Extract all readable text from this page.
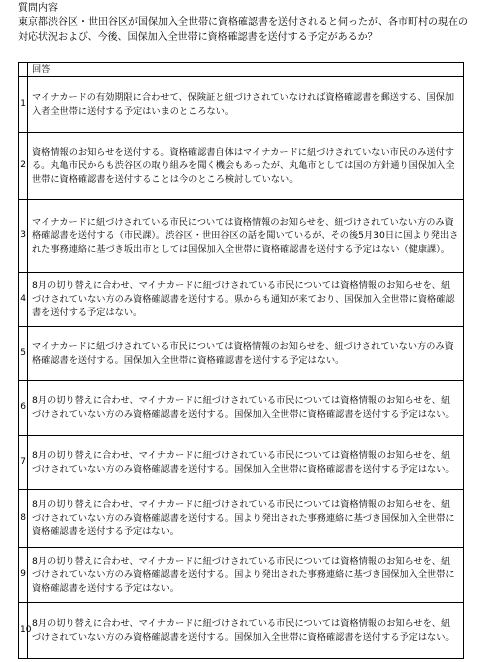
質問内容
東京都渋谷区・世田谷区が国保加入全世帯に資格確認書を送付されると伺ったが、各市町村の現在の対応状況および、今後、国保加入全世帯に資格確認書を送付する予定があるか？
	回答
1	マイナカードの有効期限に合わせて、保険証と紐づけされていなければ資格確認書を郵送する、国保加入者全世帯に送付する予定はいまのところない。
2	資格情報のお知らせを送付する。資格確認書自体はマイナカードに紐づけされていない市民のみ送付する。丸亀市民からも渋谷区の取り組みを聞く機会もあったが、丸亀市としては国の方針通り国保加入全世帯に資格確認書を送付することは今のところ検討していない。
3	マイナカードに紐づけされている市民については資格情報のお知らせを、紐づけされていない方のみ資格確認書を送付する（市民課）。渋谷区・世田谷区の話を聞いているが、その後5月30日に国より発出された事務連絡に基づき坂出市としては国保加入全世帯に資格確認書を送付する予定はない（健康課）。
4	8月の切り替えに合わせ、マイナカードに紐づけされている市民については資格情報のお知らせを、紐づけされていない方のみ資格確認書を送付する。県からも通知が来ており、国保加入全世帯に資格確認書を送付する予定はない。
5	マイナカードに紐づけされている市民については資格情報のお知らせを、紐づけされていない方のみ資格確認書を送付する。国保加入全世帯に資格確認書を送付する予定はない。
6	8月の切り替えに合わせ、マイナカードに紐づけされている市民については資格情報のお知らせを、紐づけされていない方のみ資格確認書を送付する。国保加入全世帯に資格確認書を送付する予定はない。
7	8月の切り替えに合わせ、マイナカードに紐づけされている市民については資格情報のお知らせを、紐づけされていない方のみ資格確認書を送付する。国保加入全世帯に資格確認書を送付する予定はない。
8	8月の切り替えに合わせ、マイナカードに紐づけされている市民については資格情報のお知らせを、紐づけされていない方のみ資格確認書を送付する。国より発出された事務連絡に基づき国保加入全世帯に資格確認書を送付する予定はない。
9	8月の切り替えに合わせ、マイナカードに紐づけされている市民については資格情報のお知らせを、紐づけされていない方のみ資格確認書を送付する。国より発出された事務連絡に基づき国保加入全世帯に資格確認書を送付する予定はない。
10	8月の切り替えに合わせ、マイナカードに紐づけされている市民については資格情報のお知らせを、紐づけされていない方のみ資格確認書を送付する。国保加入全世帯に資格確認書を送付する予定はない。
